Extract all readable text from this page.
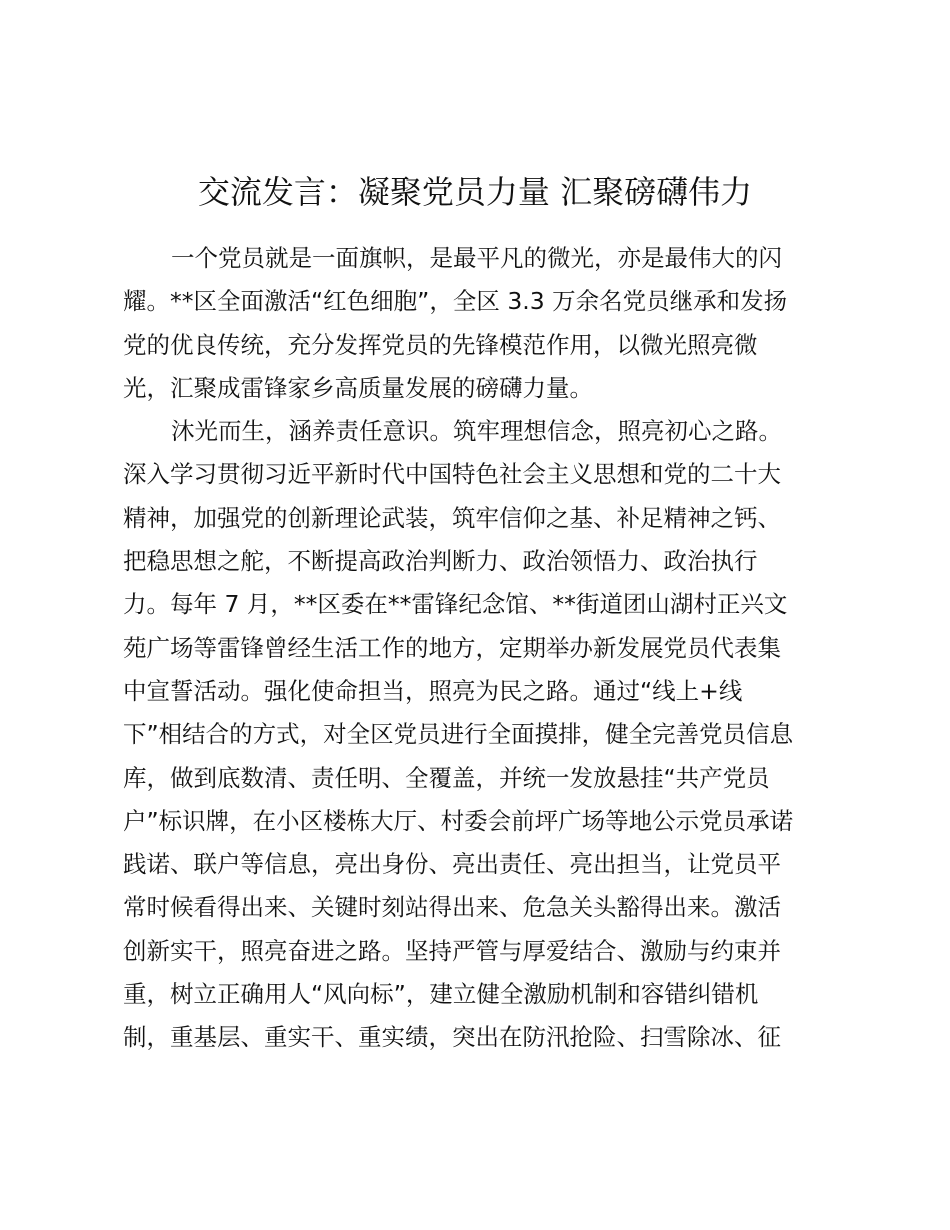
交流发言：凝聚党员力量 汇聚磅礴伟力

一个党员就是一面旗帜，是最平凡的微光，亦是最伟大的闪

耀。**区全面激活“红色细胞”，全区 3.3 万余名党员继承和发扬

党的优良传统，充分发挥党员的先锋模范作用，以微光照亮微

光，汇聚成雷锋家乡高质量发展的磅礴力量。

沐光而生，涵养责任意识。筑牢理想信念，照亮初心之路。

深入学习贯彻习近平新时代中国特色社会主义思想和党的二十大

精神，加强党的创新理论武装，筑牢信仰之基、补足精神之钙、

把稳思想之舵，不断提高政治判断力、政治领悟力、政治执行

力。每年 7 月，**区委在**雷锋纪念馆、**街道团山湖村正兴文

苑广场等雷锋曾经生活工作的地方，定期举办新发展党员代表集

中宣誓活动。强化使命担当，照亮为民之路。通过“线上+线

下”相结合的方式，对全区党员进行全面摸排，健全完善党员信息

库，做到底数清、责任明、全覆盖，并统一发放悬挂“共产党员

户”标识牌，在小区楼栋大厅、村委会前坪广场等地公示党员承诺

践诺、联户等信息，亮出身份、亮出责任、亮出担当，让党员平

常时候看得出来、关键时刻站得出来、危急关头豁得出来。激活

创新实干，照亮奋进之路。坚持严管与厚爱结合、激励与约束并

重，树立正确用人“风向标”，建立健全激励机制和容错纠错机

制，重基层、重实干、重实绩，突出在防汛抢险、扫雪除冰、征
